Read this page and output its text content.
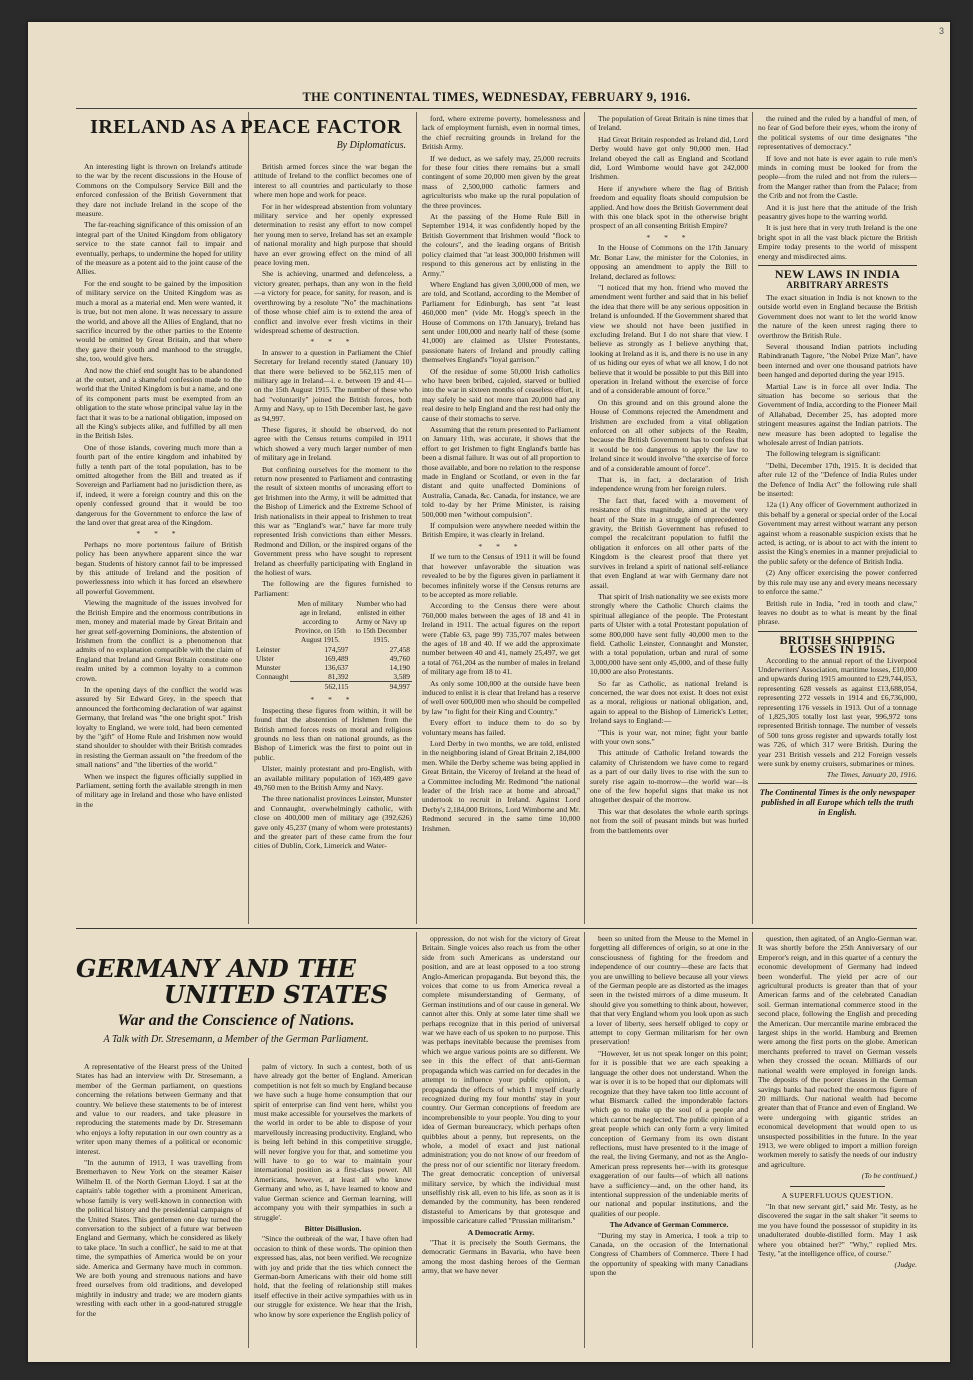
3
THE CONTINENTAL TIMES, WEDNESDAY, FEBRUARY 9, 1916.
IRELAND AS A PEACE FACTOR
By Diplomaticus.

An interesting light is thrown on Ireland's attitude to the war by the recent discussions in the House of Commons on the Compulsory Service Bill and the enforced confession of the British Government that they dare not include Ireland in the scope of the measure.

The far-reaching significance of this omission of an integral part of the United Kingdom from obligatory service to the state cannot fail to impair and eventually, perhaps, to undermine the hoped for utility of the measure as a potent aid to the joint cause of the Allies.

For the end sought to be gained by the imposition of military service on the United Kingdom was as much a moral as a material end. Men were wanted, it is true, but not men alone. It was necessary to assure the world, and above all the Allies of England, that no sacrifice incurred by the other parties to the Entente would be omitted by Great Britain, and that where they gave their youth and manhood to the struggle, she, too, would give hers.

And now the chief end sought has to be abandoned at the outset, and a shameful confession made to the world that the United Kingdom is but a name, and one of its component parts must be exempted from an obligation to the state whose principal value lay in the fact that it was to be a national obligation, imposed on all the King's subjects alike, and fulfilled by all men in the British Isles.

One of those islands, covering much more than a fourth part of the entire kingdom and inhabited by fully a tenth part of the total population, has to be omitted altogether from the Bill and treated as if Sovereign and Parliament had no jurisdiction there, as if, indeed, it were a foreign country and this on the openly confessed ground that it would be too dangerous for the Government to enforce the law of the land over that great area of the Kingdom.

* * *

Perhaps no more portentous failure of British policy has been anywhere apparent since the war began. Students of history cannot fail to be impressed by this attitude of Ireland and the position of powerlessness into which it has forced an elsewhere all powerful Government.

Viewing the magnitude of the issues involved for the British Empire and the enormous contributions in men, money and material made by Great Britain and her great self-governing Dominions, the abstention of Irishmen from the conflict is a phenomenon that admits of no explanation compatible with the claim of England that Ireland and Great Britain constitute one realm united by a common loyalty to a common crown.

In the opening days of the conflict the world was assured by Sir Edward Grey, in the speech that announced the forthcoming declaration of war against Germany, that Ireland was "the one bright spot." Irish loyalty to England, we were told, had been cemented by the "gift" of Home Rule and Irishmen now would stand shoulder to shoulder with their British comrades in resisting the German assault on "the freedom of the small nations" and "the liberties of the world."

When we inspect the figures officially supplied in Parliament, setting forth the available strength in men of military age in Ireland and those who have enlisted in the

British armed forces since the war began the attitude of Ireland to the conflict becomes one of interest to all countries and particularly to those where men hope and work for peace.

For in her widespread abstention from voluntary military service and her openly expressed determination to resist any effort to now compel her young men to serve, Ireland has set an example of national morality and high purpose that should have an ever growing effect on the mind of all peace loving men.

She is achieving, unarmed and defenceless, a victory greater, perhaps, than any won in the field—a victory for peace, for sanity, for reason, and is overthrowing by a resolute "No" the machinations of those whose chief aim is to extend the area of conflict and involve ever fresh victims in their widespread scheme of destruction.

* * *

In answer to a question in Parliament the Chief Secretary for Ireland recently stated (January 10) that there were believed to be 562,115 men of military age in Ireland—i. e. between 19 and 41—on the 15th August 1915. The number of these who had "voluntarily" joined the British forces, both Army and Navy, up to 15th December last, he gave as 94,997.

These figures, it should be observed, do not agree with the Census returns compiled in 1911 which showed a very much larger number of men of military age in Ireland.

But confining ourselves for the moment to the return now presented to Parliament and contrasting the result of sixteen months of unceasing effort to get Irishmen into the Army, it will be admitted that the Bishop of Limerick and the Extreme School of Irish nationalists in their appeal to Irishmen to treat this war as "England's war," have far more truly represented Irish convictions than either Messrs. Redmond and Dillon, or the inspired organs of the Government press who have sought to represent Ireland as cheerfully participating with England in the holiest of wars.

The following are the figures furnished to Parliament:

	Men of military age in Ireland, according to Province, on 15th August 1915.	Number who had enlisted in either Army or Navy up to 15th December 1915.
Leinster	174,597	27,458
Ulster	169,489	49,760
Munster	136,637	14,190
Connaught	81,392	3,589
	562,115	94,997
* * *

Inspecting these figures from within, it will be found that the abstention of Irishmen from the British armed forces rests on moral and religious grounds no less than on national grounds, as the Bishop of Limerick was the first to point out in public.

Ulster, mainly protestant and pro-English, with an available military population of 169,489 gave 49,760 men to the British Army and Navy.

The three nationalist provinces Leinster, Munster and Connaught, overwhelmingly catholic, with close on 400,000 men of military age (392,626) gave only 45,237 (many of whom were protestants) and the greater part of these came from the four cities of Dublin, Cork, Limerick and Water-

ford, where extreme poverty, homelessness and lack of employment furnish, even in normal times, the chief recruiting grounds in Ireland for the British Army.

If we deduct, as we safely may, 25,000 recruits for these four cities there remains but a small contingent of some 20,000 men given by the great mass of 2,500,000 catholic farmers and agriculturists who make up the rural population of the three provinces.

At the passing of the Home Rule Bill in September 1914, it was confidently hoped by the British Government that Irishmen would "flock to the colours", and the leading organs of British policy claimed that "at least 300,000 Irishmen will respond to this generous act by enlisting in the Army."

Where England has given 3,000,000 of men, we are told, and Scotland, according to the Member of Parliament for Edinburgh, has sent "at least 460,000 men" (vide Mr. Hogg's speech in the House of Commons on 17th January), Ireland has sent under 100,000 and nearly half of these (some 41,000) are claimed as Ulster Protestants, passionate haters of Ireland and proudly calling themselves England's "loyal garrison."

Of the residue of some 50,000 Irish catholics who have been bribed, cajoled, starved or bullied into the war in sixteen months of ceaseless effort, it may safely be said not more than 20,000 had any real desire to help England and the rest had only the cause of their stomachs to serve.

Assuming that the return presented to Parliament on January 11th, was accurate, it shows that the effort to get Irishmen to fight England's battle has been a dismal failure. It was out of all proportion to those available, and bore no relation to the response made in England or Scotland, or even in the far distant and quite unaffected Dominions of Australia, Canada, &c. Canada, for instance, we are told to-day by her Prime Minister, is raising 500,000 men "without compulsion".

If compulsion were anywhere needed within the British Empire, it was clearly in Ireland.

* * *

If we turn to the Census of 1911 it will be found that however unfavorable the situation was revealed to be by the figures given in parliament it becomes infinitely worse if the Census returns are to be accepted as more reliable.

According to the Census there were about 760,000 males between the ages of 18 and 41 in Ireland in 1911. The actual figures on the report were (Table 63, page 99) 735,707 males between the ages of 18 and 40. If we add the approximate number between 40 and 41, namely 25,497, we get a total of 761,204 as the number of males in Ireland of military age from 18 to 41.

As only some 100,000 at the outside have been induced to enlist it is clear that Ireland has a reserve of well over 600,000 men who should be compelled by law "to fight for their King and Country."

Every effort to induce them to do so by voluntary means has failed.

Lord Derby in two months, we are told, enlisted in the neighboring island of Great Britain 2,184,000 men. While the Derby scheme was being applied in Great Britain, the Viceroy of Ireland at the head of a Committee including Mr. Redmond "the national leader of the Irish race at home and abroad," undertook to recruit in Ireland. Against Lord Derby's 2,184,000 Britons, Lord Wimborne and Mr. Redmond secured in the same time 10,000 Irishmen.

The population of Great Britain is nine times that of Ireland.

Had Great Britain responded as Ireland did, Lord Derby would have got only 90,000 men. Had Ireland obeyed the call as England and Scotland did, Lord Wimborne would have got 242,000 Irishmen.

Here if anywhere where the flag of British freedom and equality floats should compulsion be applied. And how does the British Government deal with this one black spot in the otherwise bright prospect of an all consenting British Empire?

* * *

In the House of Commons on the 17th January Mr. Bonar Law, the minister for the Colonies, in opposing an amendment to apply the Bill to Ireland, declared as follows:

"I noticed that my hon. friend who moved the amendment went further and said that in his belief the idea that there will be any serious opposition in Ireland is unfounded. If the Government shared that view we should not have been justified in excluding Ireland. But I do not share that view. I believe as strongly as I believe anything that, looking at Ireland as it is, and there is no use in any of us hiding our eyes of what we all know, I do not believe that it would be possible to put this Bill into operation in Ireland without the exercise of force and of a considerable amount of force."

On this ground and on this ground alone the House of Commons rejected the Amendment and Irishmen are excluded from a vital obligation enforced on all other subjects of the Realm, because the British Government has to confess that it would be too dangerous to apply the law to Ireland since it would involve "the exercise of force and of a considerable amount of force".

That is, in fact, a declaration of Irish independence wrung from her foreign rulers.

The fact that, faced with a movement of resistance of this magnitude, aimed at the very heart of the State in a struggle of unprecedented gravity, the British Government has refused to compel the recalcitrant population to fulfil the obligation it enforces on all other parts of the Kingdom is the clearest proof that there yet survives in Ireland a spirit of national self-reliance that even England at war with Germany dare not assail.

That spirit of Irish nationality we see exists more strongly where the Catholic Church claims the spiritual allegiance of the people. The Protestant parts of Ulster with a total Protestant population of some 800,000 have sent fully 40,000 men to the field. Catholic Leinster, Connaught and Munster, with a total population, urban and rural of some 3,000,000 have sent only 45,000, and of these fully 10,000 are also Protestants.

So far as Catholic, as national Ireland is concerned, the war does not exist. It does not exist as a moral, religious or national obligation, and, again to appeal to the Bishop of Limerick's Letter, Ireland says to England:—

"This is your war, not mine; fight your battle with your own sons."

This attitude of Catholic Ireland towards the calamity of Christendom we have come to regard as a part of our daily lives to rise with the sun to surely rise again to-morrow—the world war—is one of the few hopeful signs that make us not altogether despair of the morrow.

This war that desolates the whole earth springs not from the soil of peasant minds but was hurled from the battlements over

the ruined and the ruled by a handful of men, of no fear of God before their eyes, whom the irony of the political systems of our time designates "the representatives of democracy."

If love and not hate is ever again to rule men's minds in coming must be looked for from the people—from the ruled and not from the rulers—from the Manger rather than from the Palace; from the Crib and not from the Castle.

And it is just here that the attitude of the Irish peasantry gives hope to the warring world.

It is just here that in very truth Ireland is the one bright spot in all the vast black picture the British Empire today presents to the world of misspent energy and misdirected aims.

NEW LAWS IN INDIA
ARBITRARY ARRESTS

The exact situation in India is not known to the outside world even in England because the British Government does not want to let the world know the nature of the keen unrest raging there to overthrow the British Rule.

Several thousand Indian patriots including Rabindranath Tagore, "the Nobel Prize Man", have been interned and over one thousand patriots have been hanged and deported during the year 1915.

Martial Law is in force all over India. The situation has become so serious that the Government of India, according to the Pioneer Mail of Allahabad, December 25, has adopted more stringent measures against the Indian patriots. The new measure has been adopted to legalise the wholesale arrest of Indian patriots.

The following telegram is significant:

"Delhi, December 17th, 1915. It is decided that after rule 12 of the "Defence of India Rules under the Defence of India Act" the following rule shall be inserted:

12a (1) Any officer of Government authorized in this behalf by a general or special order of the Local Government may arrest without warrant any person against whom a reasonable suspicion exists that he acted, is acting, or is about to act with the intent to assist the King's enemies in a manner prejudicial to the public safety or the defence of British India.

(2) Any officer exercising the power conferred by this rule may use any and every means necessary to enforce the same."

British rule in India, "red in tooth and claw," leaves no doubt as to what is meant by the final phrase.

BRITISH SHIPPING LOSSES IN 1915.

According to the annual report of the Liverpool Underwriters' Association, maritime losses, £10,000 and upwards during 1915 amounted to £29,744,053, representing 628 vessels as against £13,688,054, representing 272 vessels in 1914 and £6,736,000, representing 176 vessels in 1913. Out of a tonnage of 1,825,305 totally lost last year, 996,972 tons represented British tonnage. The number of vessels of 500 tons gross register and upwards totally lost was 726, of which 317 were British. During the year 231 British vessels and 212 Foreign vessels were sunk by enemy cruisers, submarines or mines.

The Times, January 20, 1916.
The Continental Times is the only newspaper published in all Europe which tells the truth in English.
GERMANY AND THE
UNITED STATES
War and the Conscience of Nations.
A Talk with Dr. Stresemann, a Member of the German Parliament.

A representative of the Hearst press of the United States has had an interview with Dr. Stresemann, a member of the German parliament, on questions concerning the relations between Germany and that country. We believe these statements to be of interest and value to our readers, and take pleasure in reproducing the statements made by Dr. Stresemann who enjoys a lofty reputation in our own country as a writer upon many themes of a political or economic interest.

"In the autumn of 1913, I was travelling from Bremerhaven to New York on the steamer Kaiser Wilhelm II. of the North German Lloyd. I sat at the captain's table together with a prominent American, whose family is very well-known in connection with the political history and the presidential campaigns of the United States. This gentlemen one day turned the conversation to the subject of a future war between England and Germany, which he considered as likely to take place. 'In such a conflict', he said to me at that time, the sympathies of America would be on your side. America and Germany have much in common. We are both young and strenuous nations and have freed ourselves from old traditions, and developed mightily in industry and trade; we are modern giants wrestling with each other in a good-natured struggle for the

palm of victory. In such a contest, both of us have already got the better of England. American competition is not felt so much by England because we have such a huge home consumption that our spirit of enterprise can find vent here, whilst you must make accessible for yourselves the markets of the world in order to be able to dispose of your marvellously increasing productivity. England, who is being left behind in this competitive struggle, will never forgive you for that, and sometime you will have to go to war to maintain your international position as a first-class power. All Americans, however, at least all who know Germany and who, as I, have learned to know and value German science and German learning, will accompany you with their sympathies in such a struggle'.

Bitter Disillusion.

"Since the outbreak of the war, I have often had occasion to think of these words. The opinion then expressed has, alas, not been verified. We recognize with joy and pride that the ties which connect the German-born Americans with their old home still hold, that the feeling of relationship still makes itself effective in their active sympathies with us in our struggle for existence. We hear that the Irish, who know by sore experience the English policy of

oppression, do not wish for the victory of Great Britain. Single voices also reach us from the other side from such Americans as understand our position, and are at least opposed to a too strong Anglo-American propaganda. But beyond this, the voices that come to us from America reveal a complete misunderstanding of Germany, of German institutions and of our cause in general. We cannot alter this. Only at some later time shall we perhaps recognize that in this period of universal war we have each of us spoken to no purpose. This was perhaps inevitable because the premises from which we argue various points are so different. We see in this the effect of that anti-German propaganda which was carried on for decades in the attempt to influence your public opinion, a propaganda the effects of which I myself clearly recognized during my four months' stay in your country. Our German conceptions of freedom are incomprehensible to your people. You ding to your idea of German bureaucracy, which perhaps often quibbles about a penny, but represents, on the whole, a model of exact and just national administration; you do not know of our freedom of the press nor of our scientific nor literary freedom. The great democratic conception of universal military service, by which the individual must unselfishly risk all, even to his life, as soon as it is demanded by the community, has been rendered distasteful to Americans by that grotesque and impossible caricature called "Prussian militarism."

A Democratic Army.

"That it is precisely the South Germans, the democratic Germans in Bavaria, who have been among the most dashing heroes of the German army, that we have never

been so united from the Meuse to the Memel in forgetting all differences of origin, so at one in the consciousness of fighting for the freedom and independence of our country—these are facts that you are unwilling to believe because all your views of the German people are as distorted as the images seen in the twisted mirrors of a dime museum. It should give you something to think about, however, that that very England whom you look upon as such a lover of liberty, sees herself obliged to copy or attempt to copy German militarism for her own preservation!

"However, let us not speak longer on this point; for it is possible that we are each speaking a language the other does not understand. When the war is over it is to be hoped that our diplomats will recognize that they have taken too little account of what Bismarck called the imponderable factors which go to make up the soul of a people and which cannot be neglected. The public opinion of a great people which can only form a very limited conception of Germany from its own distant reflections, must have presented to it the image of the real, the living Germany, and not as the Anglo-American press represents her—with its grotesque exaggeration of our faults—of which all nations have a sufficiency—and, on the other hand, its intentional suppression of the undeniable merits of our national and popular institutions, and the qualities of our people.

The Advance of German Commerce.

"During my stay in America, I took a trip to Canada, on the occasion of the International Congress of Chambers of Commerce. There I had the opportunity of speaking with many Canadians upon the

question, then agitated, of an Anglo-German war. It was shortly before the 25th Anniversary of our Emperor's reign, and in this quarter of a century the economic development of Germany had indeed been wonderful. The yield per acre of our agricultural products is greater than that of your American farms and of the celebrated Canadian soil. German international commerce stood in the second place, following the English and preceding the American. Our mercantile marine embraced the largest ships in the world. Hamburg and Bremen were among the first ports on the globe. American merchants preferred to travel on German vessels when they crossed the ocean. Milliards of our national wealth were employed in foreign lands. The deposits of the poorer classes in the German savings banks had reached the enormous figure of 20 milliards. Our national wealth had become greater than that of France and even of England. We were undergoing with gigantic strides an economical development that would open to us unsuspected possibilities in the future. In the year 1913, we were obliged to import a million foreign workmen merely to satisfy the needs of our industry and agriculture.

(To be continued.)
A SUPERFLUOUS QUESTION.

"In that new servant girl," said Mr. Testy, as he discovered the sugar in the salt shaker "it seems to me you have found the possessor of stupidity in its unadulterated double-distilled form. May I ask where you obtained her?" "Why," replied Mrs. Testy, "at the intelligence office, of course."

(Judge.
